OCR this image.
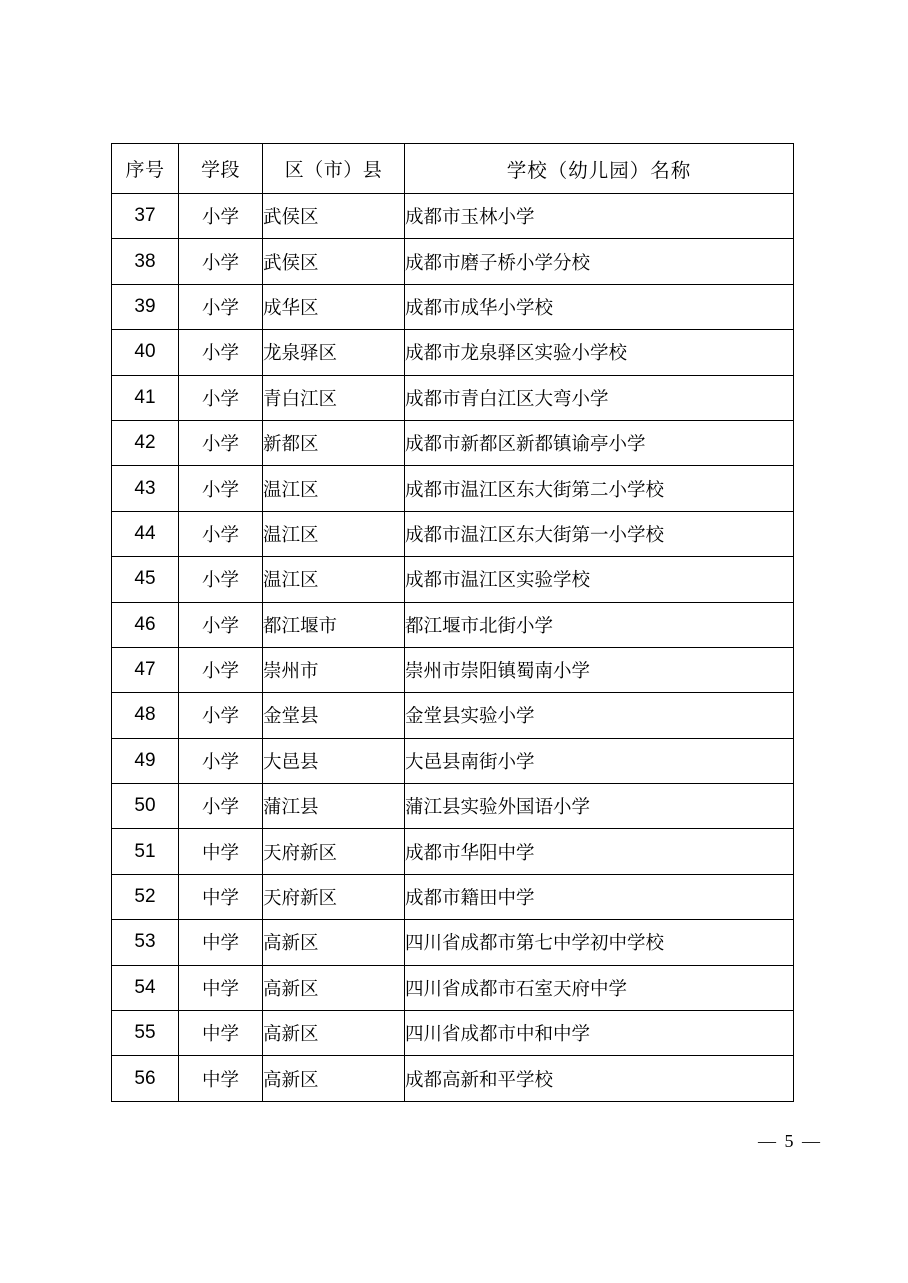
序号	学段	区（市）县	学校（幼儿园）名称
37	小学	武侯区	成都市玉林小学
38	小学	武侯区	成都市磨子桥小学分校
39	小学	成华区	成都市成华小学校
40	小学	龙泉驿区	成都市龙泉驿区实验小学校
41	小学	青白江区	成都市青白江区大弯小学
42	小学	新都区	成都市新都区新都镇谕亭小学
43	小学	温江区	成都市温江区东大街第二小学校
44	小学	温江区	成都市温江区东大街第一小学校
45	小学	温江区	成都市温江区实验学校
46	小学	都江堰市	都江堰市北街小学
47	小学	崇州市	崇州市崇阳镇蜀南小学
48	小学	金堂县	金堂县实验小学
49	小学	大邑县	大邑县南街小学
50	小学	蒲江县	蒲江县实验外国语小学
51	中学	天府新区	成都市华阳中学
52	中学	天府新区	成都市籍田中学
53	中学	高新区	四川省成都市第七中学初中学校
54	中学	高新区	四川省成都市石室天府中学
55	中学	高新区	四川省成都市中和中学
56	中学	高新区	成都高新和平学校
— 5 —
